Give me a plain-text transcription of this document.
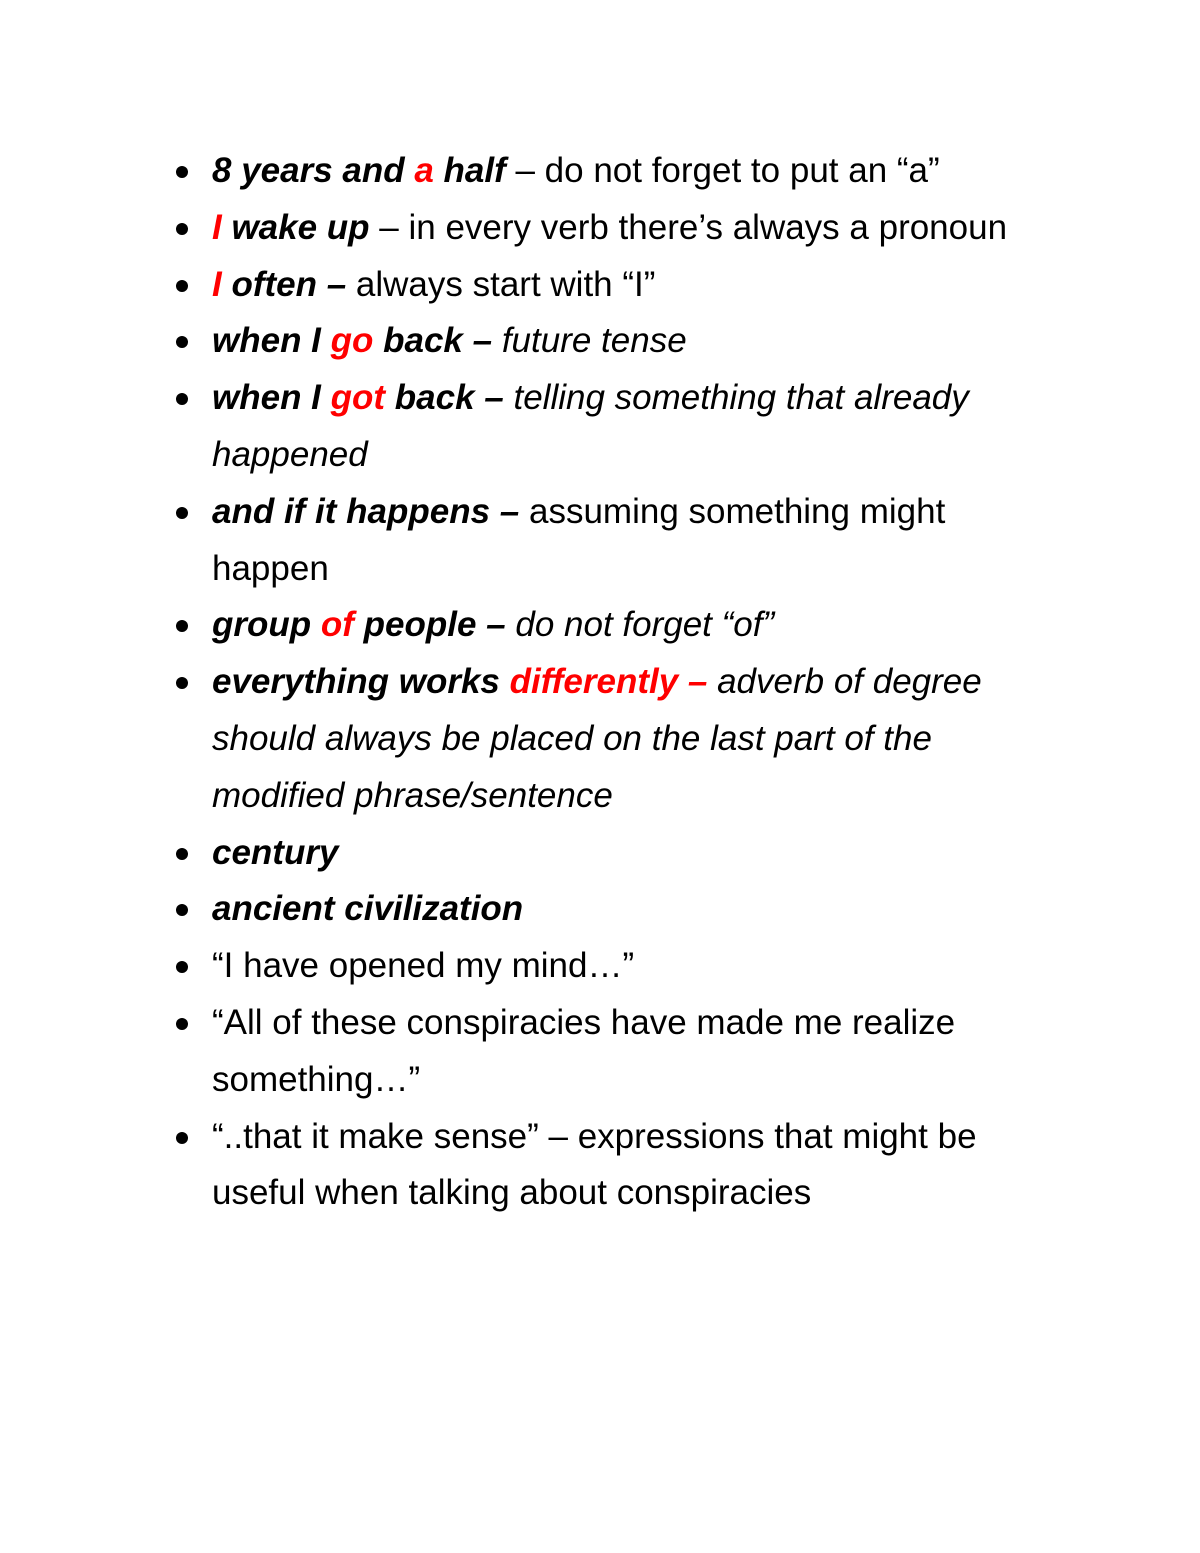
8 years and a half – do not forget to put an “a”
I wake up – in every verb there’s always a pronoun
I often – always start with “I”
when I go back – future tense
when I got back – telling something that already happened
and if it happens – assuming something might happen
group of people – do not forget “of”
everything works differently – adverb of degree should always be placed on the last part of the modified phrase/sentence
century
ancient civilization
“I have opened my mind…”
“All of these conspiracies have made me realize something…”
“..that it make sense” – expressions that might be useful when talking about conspiracies
